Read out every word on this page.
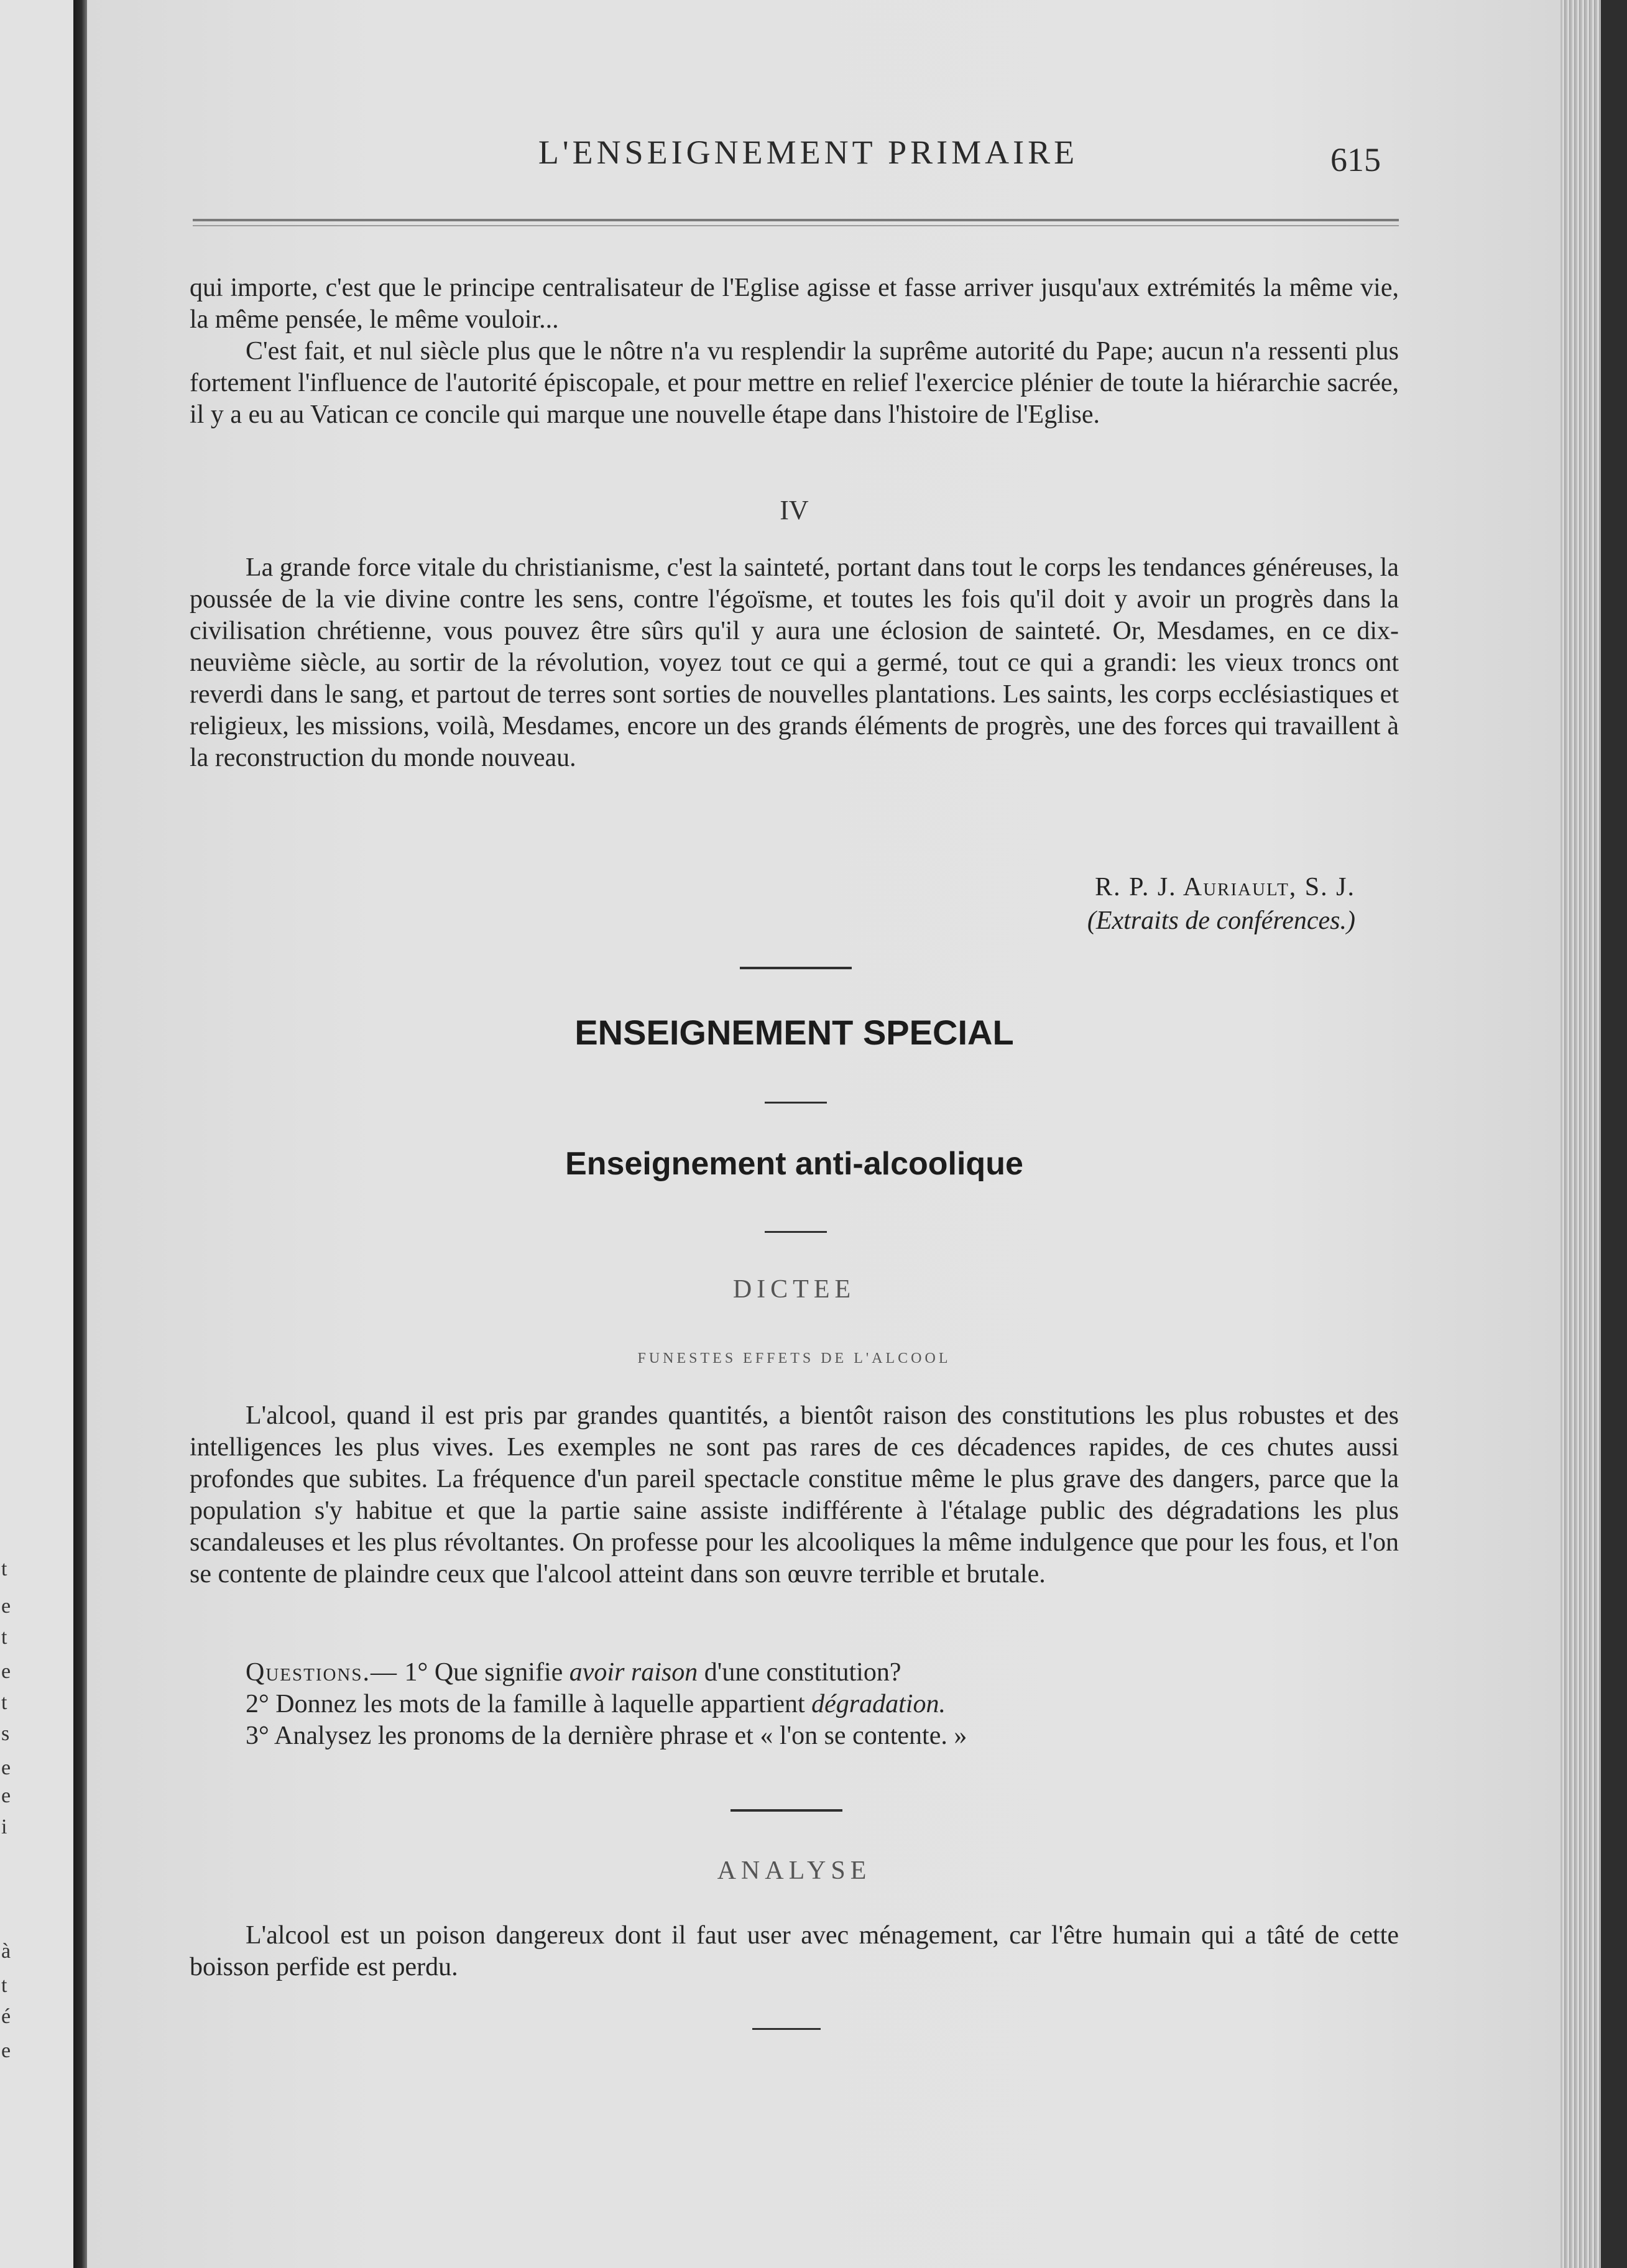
t
e
t
e
t
s
e
e
i
à
t
é
e
L'ENSEIGNEMENT PRIMAIRE	615

qui importe, c'est que le principe centralisateur de l'Eglise agisse et fasse arriver jusqu'aux extrémités la même vie, la même pensée, le même vouloir...

C'est fait, et nul siècle plus que le nôtre n'a vu resplendir la suprême autorité du Pape; aucun n'a ressenti plus fortement l'influence de l'autorité épiscopale, et pour mettre en relief l'exercice plénier de toute la hiérarchie sacrée, il y a eu au Vatican ce concile qui marque une nouvelle étape dans l'histoire de l'Eglise.

IV

La grande force vitale du christianisme, c'est la sainteté, portant dans tout le corps les tendances généreuses, la poussée de la vie divine contre les sens, contre l'égoïsme, et toutes les fois qu'il doit y avoir un progrès dans la civilisation chrétienne, vous pouvez être sûrs qu'il y aura une éclosion de sainteté. Or, Mesdames, en ce dix-neuvième siècle, au sortir de la révolution, voyez tout ce qui a germé, tout ce qui a grandi: les vieux troncs ont reverdi dans le sang, et partout de terres sont sorties de nouvelles plantations. Les saints, les corps ecclésiastiques et religieux, les missions, voilà, Mesdames, encore un des grands éléments de progrès, une des forces qui travaillent à la reconstruction du monde nouveau.

R. P. J. Auriault, S. J.
(Extraits de conférences.)
ENSEIGNEMENT SPECIAL
Enseignement anti-alcoolique
DICTEE
FUNESTES EFFETS DE L'ALCOOL

L'alcool, quand il est pris par grandes quantités, a bientôt raison des constitutions les plus robustes et des intelligences les plus vives. Les exemples ne sont pas rares de ces décadences rapides, de ces chutes aussi profondes que subites. La fréquence d'un pareil spectacle constitue même le plus grave des dangers, parce que la population s'y habitue et que la partie saine assiste indifférente à l'étalage public des dégradations les plus scandaleuses et les plus révoltantes. On professe pour les alcooliques la même indulgence que pour les fous, et l'on se contente de plaindre ceux que l'alcool atteint dans son œuvre terrible et brutale.

Questions.— 1° Que signifie avoir raison d'une constitution?

2° Donnez les mots de la famille à laquelle appartient dégradation.

3° Analysez les pronoms de la dernière phrase et « l'on se contente. »

ANALYSE

L'alcool est un poison dangereux dont il faut user avec ménagement, car l'être humain qui a tâté de cette boisson perfide est perdu.
